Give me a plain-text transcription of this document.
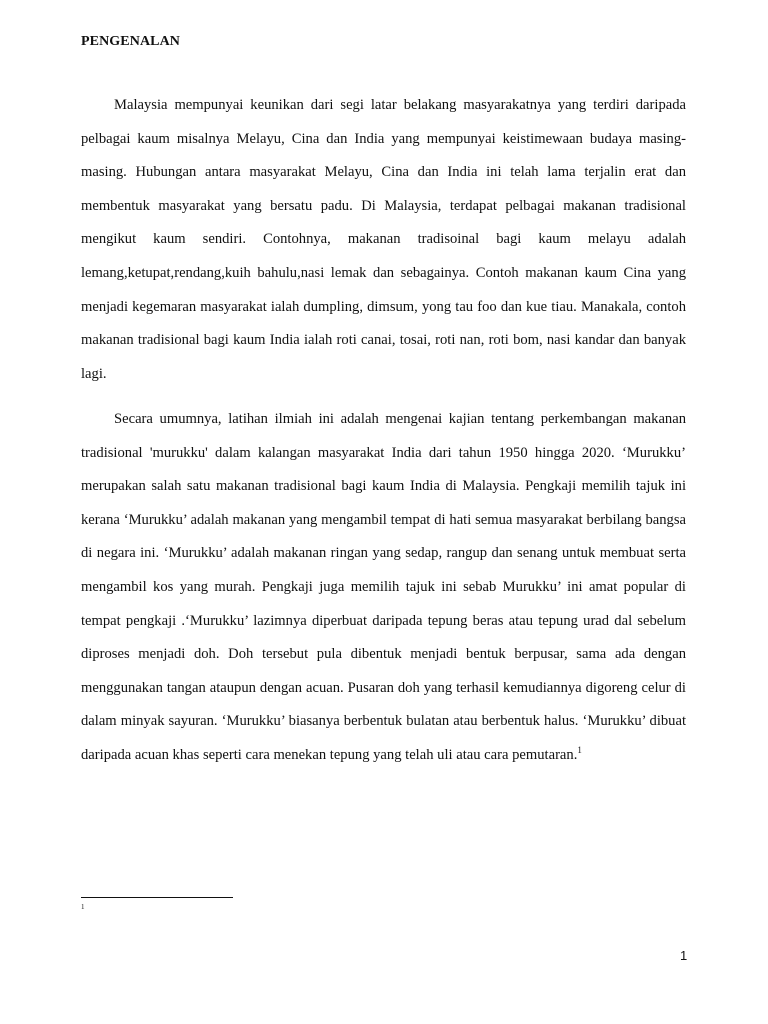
PENGENALAN

Malaysia mempunyai keunikan dari segi latar belakang masyarakatnya yang terdiri daripada pelbagai kaum misalnya Melayu, Cina dan India yang mempunyai keistimewaan budaya masing-masing. Hubungan antara masyarakat Melayu, Cina dan India ini telah lama terjalin erat dan membentuk masyarakat yang bersatu padu. Di Malaysia, terdapat pelbagai makanan tradisional mengikut kaum sendiri. Contohnya, makanan tradisoinal bagi kaum melayu adalah lemang,ketupat,rendang,kuih bahulu,nasi lemak dan sebagainya. Contoh makanan kaum Cina yang menjadi kegemaran masyarakat ialah dumpling, dimsum, yong tau foo dan kue tiau. Manakala, contoh makanan tradisional bagi kaum India ialah roti canai, tosai, roti nan, roti bom, nasi kandar dan banyak lagi.

Secara umumnya, latihan ilmiah ini adalah mengenai kajian tentang perkembangan makanan tradisional 'murukku' dalam kalangan masyarakat India dari tahun 1950 hingga 2020. ‘Murukku’ merupakan salah satu makanan tradisional bagi kaum India di Malaysia. Pengkaji memilih tajuk ini kerana ‘Murukku’ adalah makanan yang mengambil tempat di hati semua masyarakat berbilang bangsa di negara ini. ‘Murukku’ adalah makanan ringan yang sedap, rangup dan senang untuk membuat serta mengambil kos yang murah. Pengkaji juga memilih tajuk ini sebab Murukku’ ini amat popular di tempat pengkaji .‘Murukku’ lazimnya diperbuat daripada tepung beras atau tepung urad dal sebelum diproses menjadi doh. Doh tersebut pula dibentuk menjadi bentuk berpusar, sama ada dengan menggunakan tangan ataupun dengan acuan. Pusaran doh yang terhasil kemudiannya digoreng celur di dalam minyak sayuran. ‘Murukku’ biasanya berbentuk bulatan atau berbentuk halus. ‘Murukku’ dibuat daripada acuan khas seperti cara menekan tepung yang telah uli atau cara pemutaran.$^1$

1
1
